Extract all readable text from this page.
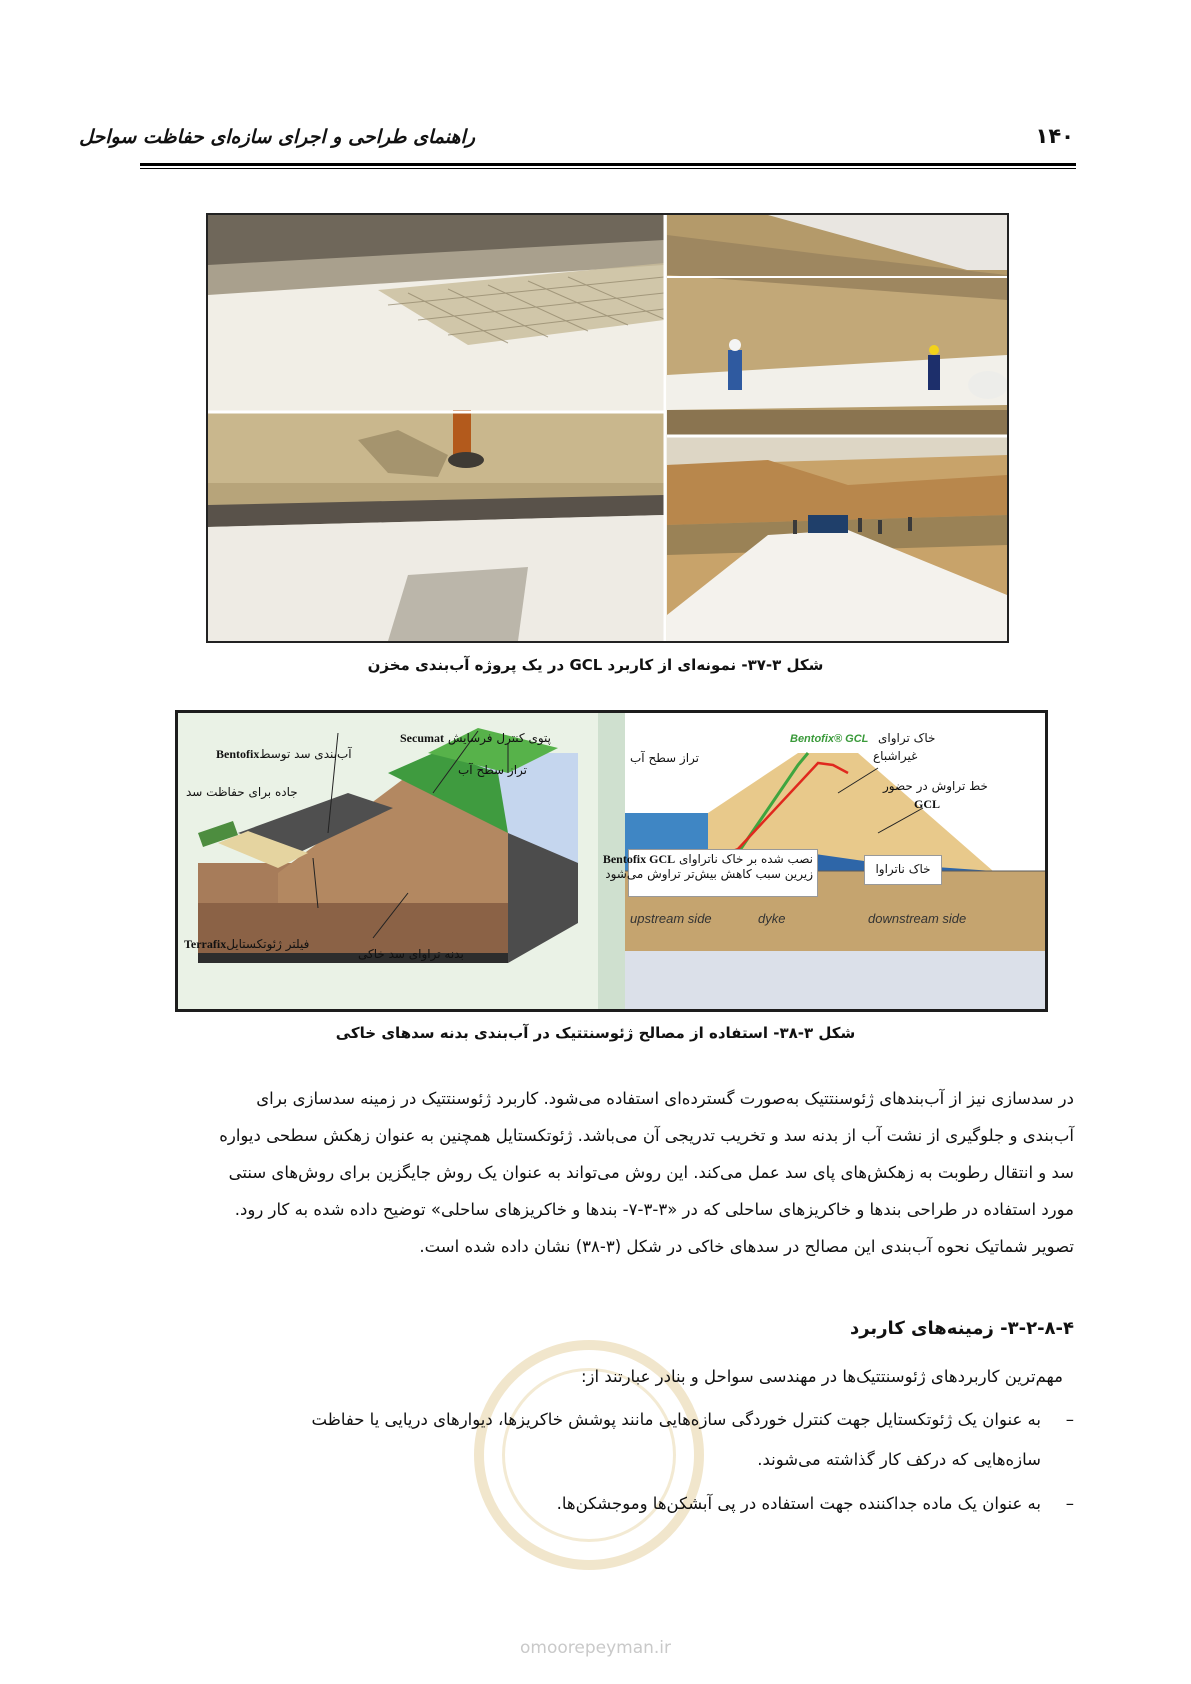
راهنمای طراحی و اجرای سازه‌ای حفاظت سواحل	۱۴۰
شکل ۳-۳۷- نمونه‌ای از کاربرد GCL در یک پروژه آب‌بندی مخزن
پتوی کنترل فرسایش Secumat
آب‌بندی سد توسطBentofix
تراز سطح آب
جاده برای حفاظت سد
فیلتر ژئوتکستایلTerrafix
بدنه تراوای سد خاکی
Bentofix® GCL خاک تراوای
غیراشباع
تراز سطح آب
خط تراوش در حضور
GCL
نصب شده بر خاک ناتراوای Bentofix GCL
زیرین سبب کاهش بیش‌تر تراوش می‌شود	خاک ناتراوا
upstream side	dyke	downstream side
شکل ۳-۳۸- استفاده از مصالح ژئوسنتتیک در آب‌بندی بدنه سدهای خاکی
omoorepeyman.ir
در سدسازی نیز از آب‌بندهای ژئوسنتتیک به‌صورت گسترده‌ای استفاده می‌شود. کاربرد ژئوسنتتیک در زمینه سدسازی برای
آب‌بندی و جلوگیری از نشت آب از بدنه سد و تخریب تدریجی آن می‌باشد. ژئوتکستایل همچنین به عنوان زهکش سطحی دیواره
سد و انتقال رطوبت به زهکش‌های پای سد عمل می‌کند. این روش می‌تواند به عنوان یک روش جایگزین برای روش‌های سنتی
مورد استفاده در طراحی بندها و خاکریزهای ساحلی که در «۳-۳-۷- بندها و خاکریزهای ساحلی» توضیح داده شده به کار رود.
تصویر شماتیک نحوه آب‌بندی این مصالح در سدهای خاکی در شکل (۳-۳۸) نشان داده شده است.
۳-۲-۸-۴- زمینه‌های کاربرد
مهم‌ترین کاربردهای ژئوسنتتیک‌ها در مهندسی سواحل و بنادر عبارتند از:
–
به عنوان یک ژئوتکستایل جهت کنترل خوردگی سازه‌هایی مانند پوشش خاکریزها، دیوارهای دریایی یا حفاظت
سازه‌هایی که درکف کار گذاشته می‌شوند.
–
به عنوان یک ماده جداکننده جهت استفاده در پی آبشکن‌ها وموجشکن‌ها.
